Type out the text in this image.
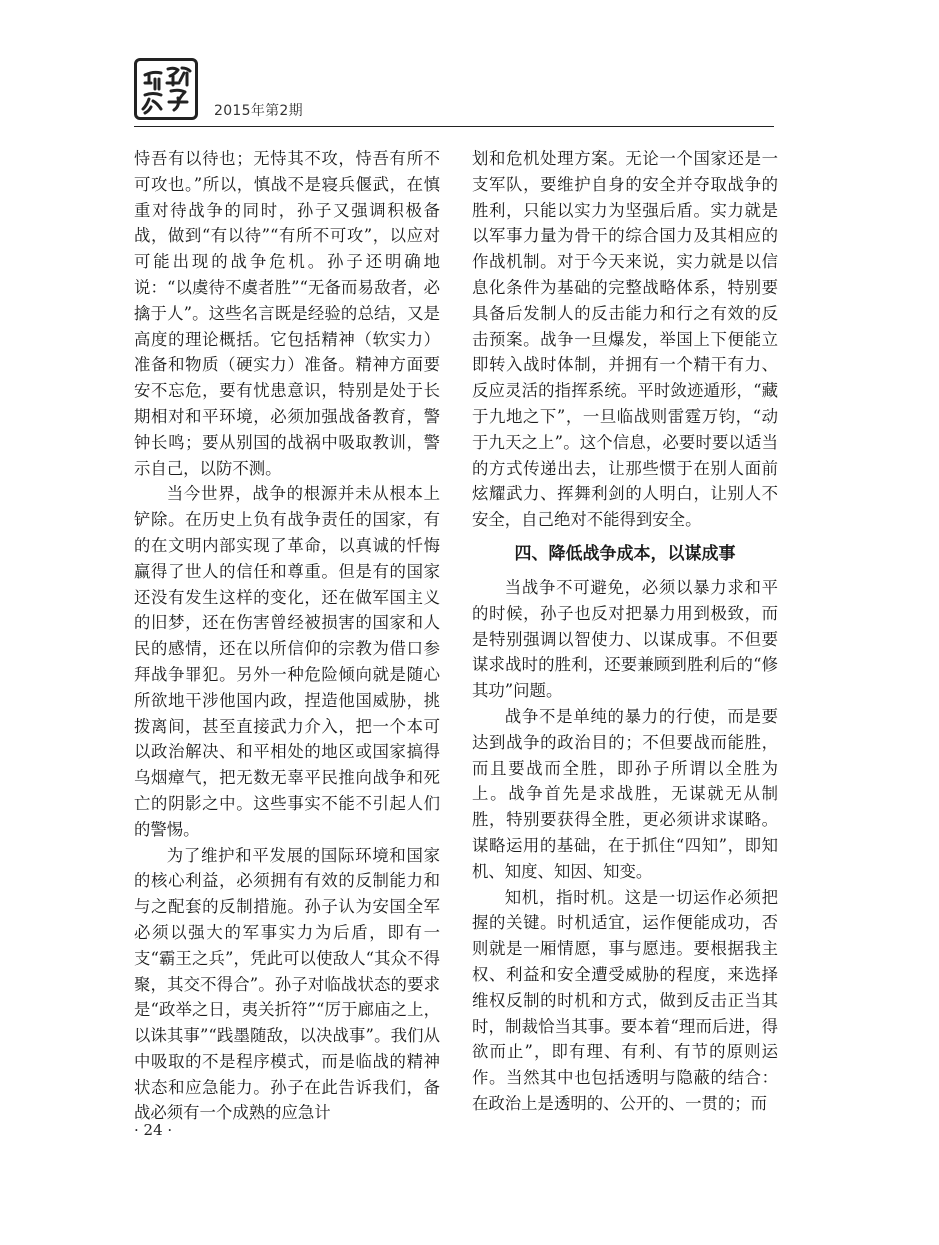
2015年第2期

恃吾有以待也；无恃其不攻，恃吾有所不可攻也。”所以，慎战不是寝兵偃武，在慎重对待战争的同时，孙子又强调积极备战，做到“有以待”“有所不可攻”，以应对可能出现的战争危机。孙子还明确地说：“以虞待不虞者胜”“无备而易敌者，必擒于人”。这些名言既是经验的总结，又是高度的理论概括。它包括精神（软实力）准备和物质（硬实力）准备。精神方面要安不忘危，要有忧患意识，特别是处于长期相对和平环境，必须加强战备教育，警钟长鸣；要从别国的战祸中吸取教训，警示自己，以防不测。

当今世界，战争的根源并未从根本上铲除。在历史上负有战争责任的国家，有的在文明内部实现了革命，以真诚的忏悔赢得了世人的信任和尊重。但是有的国家还没有发生这样的变化，还在做军国主义的旧梦，还在伤害曾经被损害的国家和人民的感情，还在以所信仰的宗教为借口参拜战争罪犯。另外一种危险倾向就是随心所欲地干涉他国内政，捏造他国威胁，挑拨离间，甚至直接武力介入，把一个本可以政治解决、和平相处的地区或国家搞得乌烟瘴气，把无数无辜平民推向战争和死亡的阴影之中。这些事实不能不引起人们的警惕。

为了维护和平发展的国际环境和国家的核心利益，必须拥有有效的反制能力和与之配套的反制措施。孙子认为安国全军必须以强大的军事实力为后盾，即有一支“霸王之兵”，凭此可以使敌人“其众不得聚，其交不得合”。孙子对临战状态的要求是“政举之日，夷关折符”“厉于廊庙之上，以诛其事”“践墨随敌，以决战事”。我们从中吸取的不是程序模式，而是临战的精神状态和应急能力。孙子在此告诉我们，备战必须有一个成熟的应急计

划和危机处理方案。无论一个国家还是一支军队，要维护自身的安全并夺取战争的胜利，只能以实力为坚强后盾。实力就是以军事力量为骨干的综合国力及其相应的作战机制。对于今天来说，实力就是以信息化条件为基础的完整战略体系，特别要具备后发制人的反击能力和行之有效的反击预案。战争一旦爆发，举国上下便能立即转入战时体制，并拥有一个精干有力、反应灵活的指挥系统。平时敛迹遁形，“藏于九地之下”，一旦临战则雷霆万钧，“动于九天之上”。这个信息，必要时要以适当的方式传递出去，让那些惯于在别人面前炫耀武力、挥舞利剑的人明白，让别人不安全，自己绝对不能得到安全。

四、降低战争成本，以谋成事

当战争不可避免，必须以暴力求和平的时候，孙子也反对把暴力用到极致，而是特别强调以智使力、以谋成事。不但要谋求战时的胜利，还要兼顾到胜利后的“修其功”问题。

战争不是单纯的暴力的行使，而是要达到战争的政治目的；不但要战而能胜，而且要战而全胜，即孙子所谓以全胜为上。战争首先是求战胜，无谋就无从制胜，特别要获得全胜，更必须讲求谋略。谋略运用的基础，在于抓住“四知”，即知机、知度、知因、知变。

知机，指时机。这是一切运作必须把握的关键。时机适宜，运作便能成功，否则就是一厢情愿，事与愿违。要根据我主权、利益和安全遭受威胁的程度，来选择维权反制的时机和方式，做到反击正当其时，制裁恰当其事。要本着“理而后进，得欲而止”，即有理、有利、有节的原则运作。当然其中也包括透明与隐蔽的结合：在政治上是透明的、公开的、一贯的；而

· 24 ·
